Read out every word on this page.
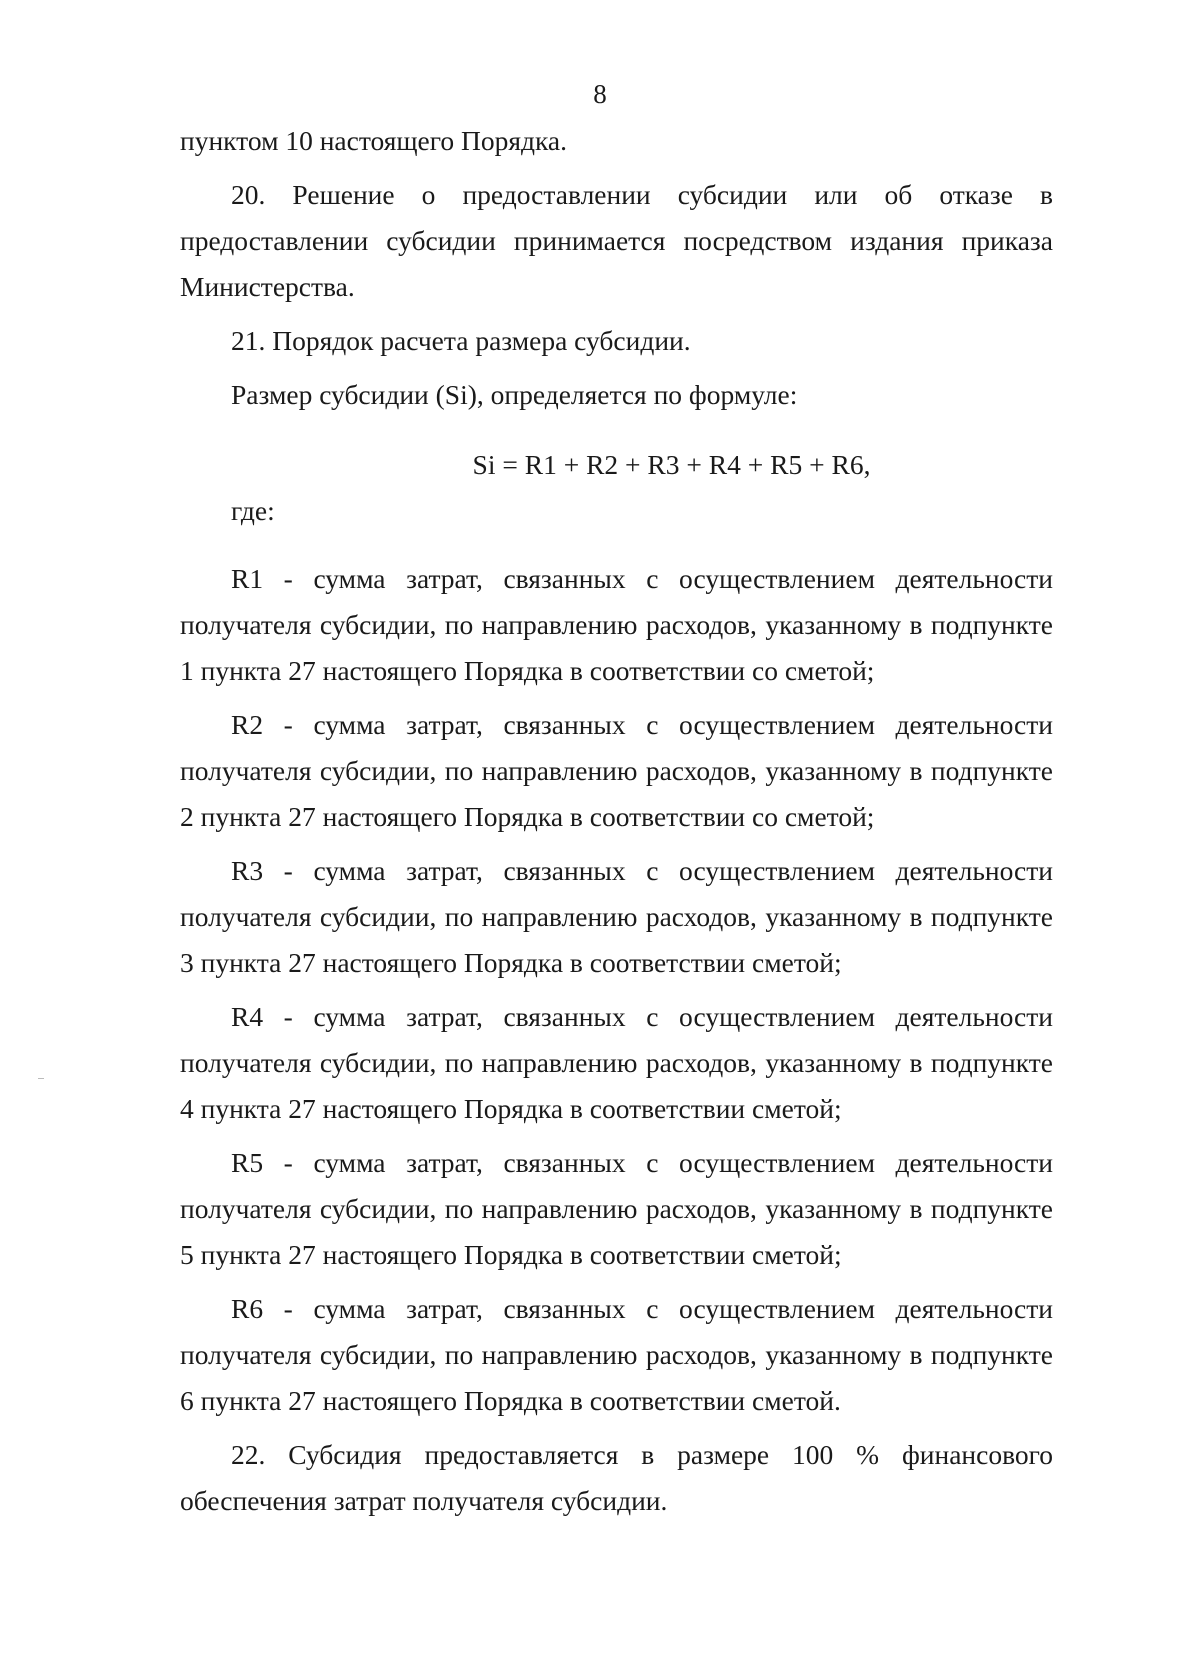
8

пунктом 10 настоящего Порядка.

20. Решение о предоставлении субсидии или об отказе в предоставлении субсидии принимается посредством издания приказа Министерства.

21. Порядок расчета размера субсидии.

Размер субсидии (Si), определяется по формуле:

Si = R1 + R2 + R3 + R4 + R5 + R6,

где:

R1 - сумма затрат, связанных с осуществлением деятельности получателя субсидии, по направлению расходов, указанному в подпункте 1 пункта 27 настоящего Порядка в соответствии со сметой;

R2 - сумма затрат, связанных с осуществлением деятельности получателя субсидии, по направлению расходов, указанному в подпункте 2 пункта 27 настоящего Порядка в соответствии со сметой;

R3 - сумма затрат, связанных с осуществлением деятельности получателя субсидии, по направлению расходов, указанному в подпункте 3 пункта 27 настоящего Порядка в соответствии сметой;

R4 - сумма затрат, связанных с осуществлением деятельности получателя субсидии, по направлению расходов, указанному в подпункте 4 пункта 27 настоящего Порядка в соответствии сметой;

R5 - сумма затрат, связанных с осуществлением деятельности получателя субсидии, по направлению расходов, указанному в подпункте 5 пункта 27 настоящего Порядка в соответствии сметой;

R6 - сумма затрат, связанных с осуществлением деятельности получателя субсидии, по направлению расходов, указанному в подпункте 6 пункта 27 настоящего Порядка в соответствии сметой.

22. Субсидия предоставляется в размере 100 % финансового обеспечения затрат получателя субсидии.
